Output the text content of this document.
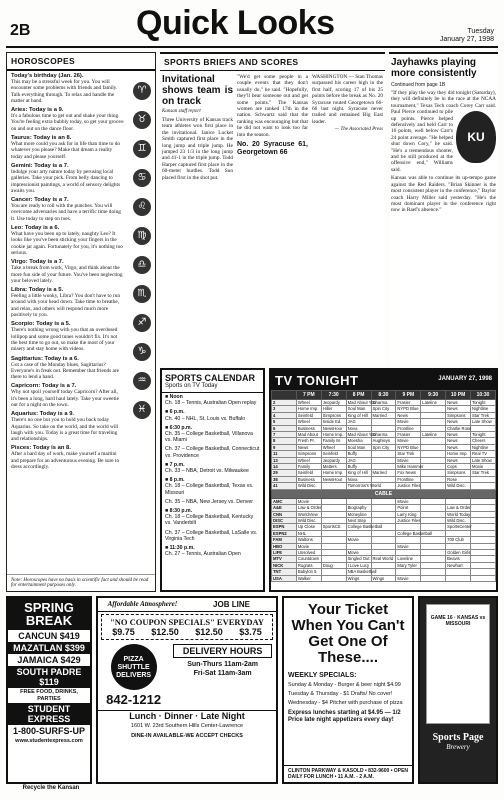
2B	Quick Looks	Tuesday
January 27, 1998
HOROSCOPES
♈
♉
♊
♋
♌
♍
♎
♏
♐
♑
♒
♓
Today's birthday (Jan. 26).
This may be a stressful week for you. You will encounter some problems with friends and family. Talk everything through. To relax and handle the matter at hand.
Aries: Today is a 9.
It's a fabulous time to get out and shake your thing. You're feeling extra bubbly today, so get your groove on and out on the dance floor.
Taurus: Today is an 8.
What more could you ask for in life than time to do whatever you please? Make that dream a reality today and please yourself.
Gemini: Today is a 7.
Indulge your arty nature today by perusing local galleries. Take your pick. From belly dancing to impressionist paintings, a world of sensory delights awaits you.
Cancer: Today is a 7.
You are ready to roll with the punches. You will overcome adversaries and have a terrific time doing it. Use today to step on toes.
Leo: Today is a 6.
What have you been up to lately, naughty Leo? It looks like you've been sticking your fingers in the cookie jar again. Fortunately for you, it's nothing too serious.
Virgo: Today is a 7.
Take a break from work, Virgo, and think about the more fun side of your future. You've been neglecting your beloved lately.
Libra: Today is a 5.
Feeling a little wonky, Libra? You don't have to run around with your head down. Take time to breathe, and relax, and others will respond much more positively to you.
Scorpio: Today is a 5.
There's nothing wrong with you that an overdosed lollipop and some good tunes wouldn't fix. It's not the best time to go out, so make the most of your misery and stay home with videos.
Sagittarius: Today is a 6.
Got a case of the Monday blues, Sagittarius? Everyone's in freak out. Remember that friends are there to lend a hand.
Capricorn: Today is a 7.
Why not spoil yourself today Capricorn? After all, it's been a long, hard haul lately. Take your sweetie out for a night on the town.
Aquarius: Today is a 9.
There's no one but you to hold you back today Aquarius. So take on the world, and the world will laugh with you. Today is a great time for traveling and relationships.
Pisces: Today is an 8.
After a hard day of work, make yourself a martini and prepare for an adventurous evening. Be sure to dress accordingly.
Note: Horoscopes have no basis in scientific fact and should be read for entertainment purposes only.
SPORTS BRIEFS AND SCORES
Invitational shows team is on track
Kansan staff report
Three University of Kansas track team athletes won first place in the invitational. Janice Lucket Smith captured first place in the long jump and triple jump. He jumped 23 1/3 in the long jump and 41-1 in the triple jump. Todd Harper captured first place in the 60-meter hurdles. Todd Sun placed first in the shot put.
"We'd get some people in a couple events that they don't usually do," he said. "Hopefully, they'll bear someone out and get some points." The Kansas women are ranked 17th in the nation. Schwartz said that the ranking was encouraging but that he did not want to look too far into the season.
No. 20 Syracuse 61, Georgetown 66
WASHINGTON — Stan Thomas surpassed his career high in the first half, scoring 17 of his 25 points before the break as No. 20 Syracuse routed Georgetown 66-66 last night. Syracuse never trailed and remained Big East leader.
— The Associated Press
Jayhawks playing more consistently
Continued from page 1B
"If they play the way they did tonight (Saturday), they will definitely be in the race at the NCAA tournament," Texas Tech coach Corey Carr said.
KU
Paul Pierce continued to pile up points. Pierce helped defensively and held Carr to 16 points, well below Carr's 24 point average. "He helped shut down Cory," he said. "He's a tremendous shooter, and he still produced at the offensive end," Williams said.

Kansas was able to continue its up-tempo game against the Red Raiders. "Brian Skinner is the most consistent player in the conference," Baylor coach Harry Miller said yesterday. "He's the most dominant player in the conference right now in Raef's absence."

SPORTS CALENDAR
Sports on TV Today
■ Noon
Ch. 18 – Tennis, Australian Open replay
■ 6 p.m.
Ch. 40 – NHL, St. Louis vs. Buffalo
■ 6:30 p.m.
Ch. 35 – College Basketball, Villanova vs. Miami
Ch. 37 – College Basketball, Connecticut vs. Providence
■ 7 p.m.
Ch. 33 – NBA, Detroit vs. Milwaukee
■ 8 p.m.
Ch. 18 – College Basketball, Texas vs. Missouri
Ch. 35 – NBA, New Jersey vs. Denver
■ 8:30 p.m.
Ch. 18 – College Basketball, Kentucky vs. Vanderbilt
Ch. 37 – College Basketball, LaSalle vs. Virginia Tech
■ 11:30 p.m.
Ch. 27 – Tennis, Australian Open
TV TONIGHT	JANUARY 27, 1998
	7 PM	7:30	8 PM	8:30	9 PM	9:30	10 PM	10:30
2	Wheel	Jeopardy	Mad About You	Dharma	Frasier	Lateline	News	Tonight
3	Home Imp.	Hiller	Soul Man	Spin City	NYPD Blue		News	Nightline
4	Seinfeld	Simpsons	King of Hill	Married	News		Simpsons	Star Trek
5	Wheel	Inside Ed.	JAG		Movie		News	Late Show
6	Business	NewsHour	Nova		Frontline		Charlie Rose	
7	Mad About	Home Imp.	Mad About You	Dharma	Frasier	Lateline	News	Tonight
8	Fresh Pr.	Family M.	Moesha	Hughleys	Movie		News	Cheers
9	News	Wheel	Soul Man	Spin City	NYPD Blue		News	Nightline
11	Simpsons	Seinfeld	Buffy		Star Trek		Home Imp.	Real TV
13	Wheel	Jeopardy	JAG		Movie		News	Late Show
14	Family	Matters	Buffy		Mike Hammer		Cops	Movie
29	Seinfeld	Home Imp.	King of Hill	Married	Fox News		Simpsons	Star Trek
38	Business	NewsHour	Nova		Frontline		Rose	
41	Wild Disc.		Tomorrow's World		Justice Files		Wild Disc.	
CABLE								
AMC	Movie				Movie			
A&E	Law & Order		Biography		Poirot		Law & Order	
CNN	WorldView		Moneyline		Larry King		World Today	
DISC	Wild Disc.		Next Step		Justice Files		Wild Disc.	
ESPN	Up Close	SportsCtr.	College Basketball				SportsCenter	
ESPN2	NHL				College Basketball			
FAM	Waltons		Movie				700 Club	
HBO	Movie				Movie			
LIFE	Unsolved		Movie				Golden Girls	
MTV	Countdown		Singled Out	Real World	Loveline		Beavis	
NICK	Rugrats	Doug	I Love Lucy		Mary Tyler		Newhart	
TNT	Babylon 5		NBA Basketball					
USA	Walker		Wings	Wings	Movie			
SPRING BREAK
CANCUN $419
MAZATLAN $399
JAMAICA $429
SOUTH PADRE $119
FREE FOOD, DRINKS, PARTIES
STUDENT EXPRESS
1-800-SURFS-UP
www.studentexpress.com
Affordable Atmosphere!	JOB LINE
"NO COUPON SPECIALS" EVERYDAY
$9.75 $12.50 $12.50 $3.75
PIZZA SHUTTLE DELIVERS
842-1212
DELIVERY HOURS
Sun-Thurs 11am-2am
Fri-Sat 11am-3am
Lunch · Dinner · Late Night
1601 W. 23rd Southern Hills Center-Lawrence
DINE-IN AVAILABLE-WE ACCEPT CHECKS
Your Ticket When You Can't Get One Of These....
WEEKLY SPECIALS:
Sunday & Monday - Burger & beer night $4.99
Tuesday & Thursday - $1 Drafts/ No cover!
Wednesday - $4 Pitcher with purchase of pizza
Express lunches starting at $4.95 — 1/2 Price late night appetizers every day!
CLINTON PARKWAY & KASOLD • 832-9600 • OPEN DAILY FOR LUNCH • 11 A.M. - 2 A.M.
GAME 16 · KANSAS vs MISSOURI
Sports Page
Brewery
Recycle the Kansan
